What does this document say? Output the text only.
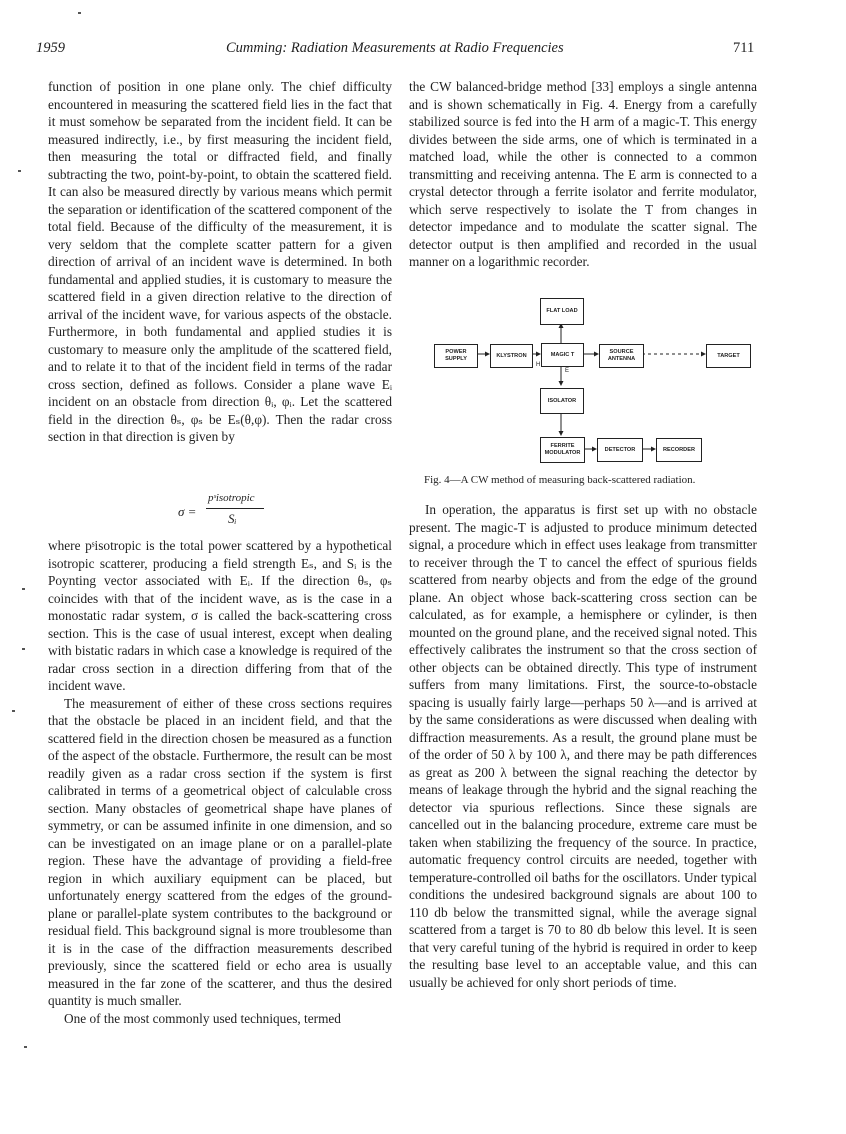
1959	Cumming: Radiation Measurements at Radio Frequencies	711

function of position in one plane only. The chief difficulty encountered in measuring the scattered field lies in the fact that it must somehow be separated from the incident field. It can be measured indirectly, i.e., by first measuring the incident field, then measuring the total or diffracted field, and finally subtracting the two, point-by-point, to obtain the scattered field. It can also be measured directly by various means which permit the separation or identification of the scattered component of the total field. Because of the difficulty of the measurement, it is very seldom that the complete scatter pattern for a given direction of arrival of an incident wave is determined. In both fundamental and applied studies, it is customary to measure the scattered field in a given direction relative to the direction of arrival of the incident wave, for various aspects of the obstacle. Furthermore, in both fundamental and applied studies it is customary to measure only the amplitude of the scattered field, and to relate it to that of the incident field in terms of the radar cross section, defined as follows. Consider a plane wave Eᵢ incident on an obstacle from direction θᵢ, φᵢ. Let the scattered field in the direction θₛ, φₛ be Eₛ(θ,φ). Then the radar cross section in that direction is given by

σ =
pˢisotropic
Sᵢ

where pˢisotropic is the total power scattered by a hypothetical isotropic scatterer, producing a field strength Eₛ, and Sᵢ is the Poynting vector associated with Eᵢ. If the direction θₛ, φₛ coincides with that of the incident wave, as is the case in a monostatic radar system, σ is called the back-scattering cross section. This is the case of usual interest, except when dealing with bistatic radars in which case a knowledge is required of the radar cross section in a direction differing from that of the incident wave.

The measurement of either of these cross sections requires that the obstacle be placed in an incident field, and that the scattered field in the direction chosen be measured as a function of the aspect of the obstacle. Furthermore, the result can be most readily given as a radar cross section if the system is first calibrated in terms of a geometrical object of calculable cross section. Many obstacles of geometrical shape have planes of symmetry, or can be assumed infinite in one dimension, and so can be investigated on an image plane or on a parallel-plate region. These have the advantage of providing a field-free region in which auxiliary equipment can be placed, but unfortunately energy scattered from the edges of the ground-plane or parallel-plate system contributes to the background or residual field. This background signal is more troublesome than it is in the case of the diffraction measurements described previously, since the scattered field or echo area is usually measured in the far zone of the scatterer, and thus the desired quantity is much smaller.

One of the most commonly used techniques, termed

the CW balanced-bridge method [33] employs a single antenna and is shown schematically in Fig. 4. Energy from a carefully stabilized source is fed into the H arm of a magic-T. This energy divides between the side arms, one of which is terminated in a matched load, while the other is connected to a common transmitting and receiving antenna. The E arm is connected to a crystal detector through a ferrite isolator and ferrite modulator, which serve respectively to isolate the T from changes in detector impedance and to modulate the scatter signal. The detector output is then amplified and recorded in the usual manner on a logarithmic recorder.

FLAT LOAD
POWER SUPPLY
KLYSTRON	MAGIC T	SOURCE ANTENNA
TARGET
ISOLATOR
FERRITE MODULATOR
DETECTOR	RECORDER
H
E
Fig. 4—A CW method of measuring back-scattered radiation.

In operation, the apparatus is first set up with no obstacle present. The magic-T is adjusted to produce minimum detected signal, a procedure which in effect uses leakage from transmitter to receiver through the T to cancel the effect of spurious fields scattered from nearby objects and from the edge of the ground plane. An object whose back-scattering cross section can be calculated, as for example, a hemisphere or cylinder, is then mounted on the ground plane, and the received signal noted. This effectively calibrates the instrument so that the cross section of other objects can be obtained directly. This type of instrument suffers from many limitations. First, the source-to-obstacle spacing is usually fairly large—perhaps 50 λ—and is arrived at by the same considerations as were discussed when dealing with diffraction measurements. As a result, the ground plane must be of the order of 50 λ by 100 λ, and there may be path differences as great as 200 λ between the signal reaching the detector by means of leakage through the hybrid and the signal reaching the detector via spurious reflections. Since these signals are cancelled out in the balancing procedure, extreme care must be taken when stabilizing the frequency of the source. In practice, automatic frequency control circuits are needed, together with temperature-controlled oil baths for the oscillators. Under typical conditions the undesired background signals are about 100 to 110 db below the transmitted signal, while the average signal scattered from a target is 70 to 80 db below this level. It is seen that very careful tuning of the hybrid is required in order to keep the resulting base level to an acceptable value, and this can usually be achieved for only short periods of time.
